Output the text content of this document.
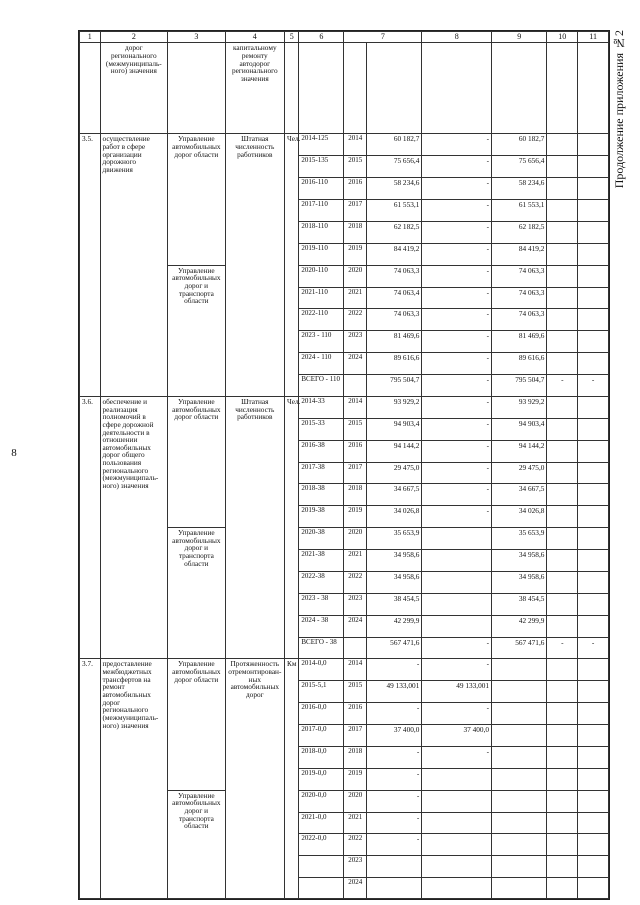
8
Продолжение приложения №2
1	2	3	4	5	6	7		8	9	10	11
	дорог регионального (межмуниципаль-ного) значения		капитальному ремонту автодорог регионального значения								
3.5.	осуществление работ в сфере организации дорожного движения	Управление автомобильных дорог области	Штатная численность работников	Чел.	2014-125	2014	60 182,7	-	60 182,7		
					2015-135	2015	75 656,4	-	75 656,4		
					2016-110	2016	58 234,6	-	58 234,6		
					2017-110	2017	61 553,1	-	61 553,1		
					2018-110	2018	62 182,5	-	62 182,5		
					2019-110	2019	84 419,2	-	84 419,2		
		Управление автомобильных дорог и транспорта области			2020-110	2020	74 063,3	-	74 063,3		
					2021-110	2021	74 063,4	-	74 063,3		
					2022-110	2022	74 063,3	-	74 063,3		
					2023 - 110	2023	81 469,6	-	81 469,6		
					2024 - 110	2024	89 616,6	-	89 616,6		
					ВСЕГО - 110		795 504,7	-	795 504,7	-	-
3.6.	обеспечение и реализация полномочий в сфере дорожной деятельности в отношении автомобильных дорог общего пользования регионального (межмуниципаль-ного) значения	Управление автомобильных дорог области	Штатная численность работников	Чел.	2014-33	2014	93 929,2	-	93 929,2		
					2015-33	2015	94 903,4	-	94 903,4		
					2016-38	2016	94 144,2	-	94 144,2		
					2017-38	2017	29 475,0	-	29 475,0		
					2018-38	2018	34 667,5	-	34 667,5		
					2019-38	2019	34 026,8	-	34 026,8		
		Управление автомобильных дорог и транспорта области			2020-38	2020	35 653,9		35 653,9		
					2021-38	2021	34 958,6		34 958,6		
					2022-38	2022	34 958,6		34 958,6		
					2023 - 38	2023	38 454,5		38 454,5		
					2024 - 38	2024	42 299,9		42 299,9		
					ВСЕГО - 38		567 471,6	-	567 471,6	-	-
3.7.	предоставление межбюджетных трансфертов на ремонт автомобильных дорог регионального (межмуниципаль-ного) значения	Управление автомобильных дорог области	Протяженность отремонтирован-ных автомобильных дорог	Км	2014-0,0	2014	-	-			
					2015-5,1	2015	49 133,001	49 133,001			
					2016-0,0	2016	-	-			
					2017-0,0	2017	37 400,0	37 400,0			
					2018-0,0	2018	-	-			
					2019-0,0	2019	-				
		Управление автомобильных дорог и транспорта области			2020-0,0	2020	-				
					2021-0,0	2021	-				
					2022-0,0	2022	-				
						2023					
						2024					
